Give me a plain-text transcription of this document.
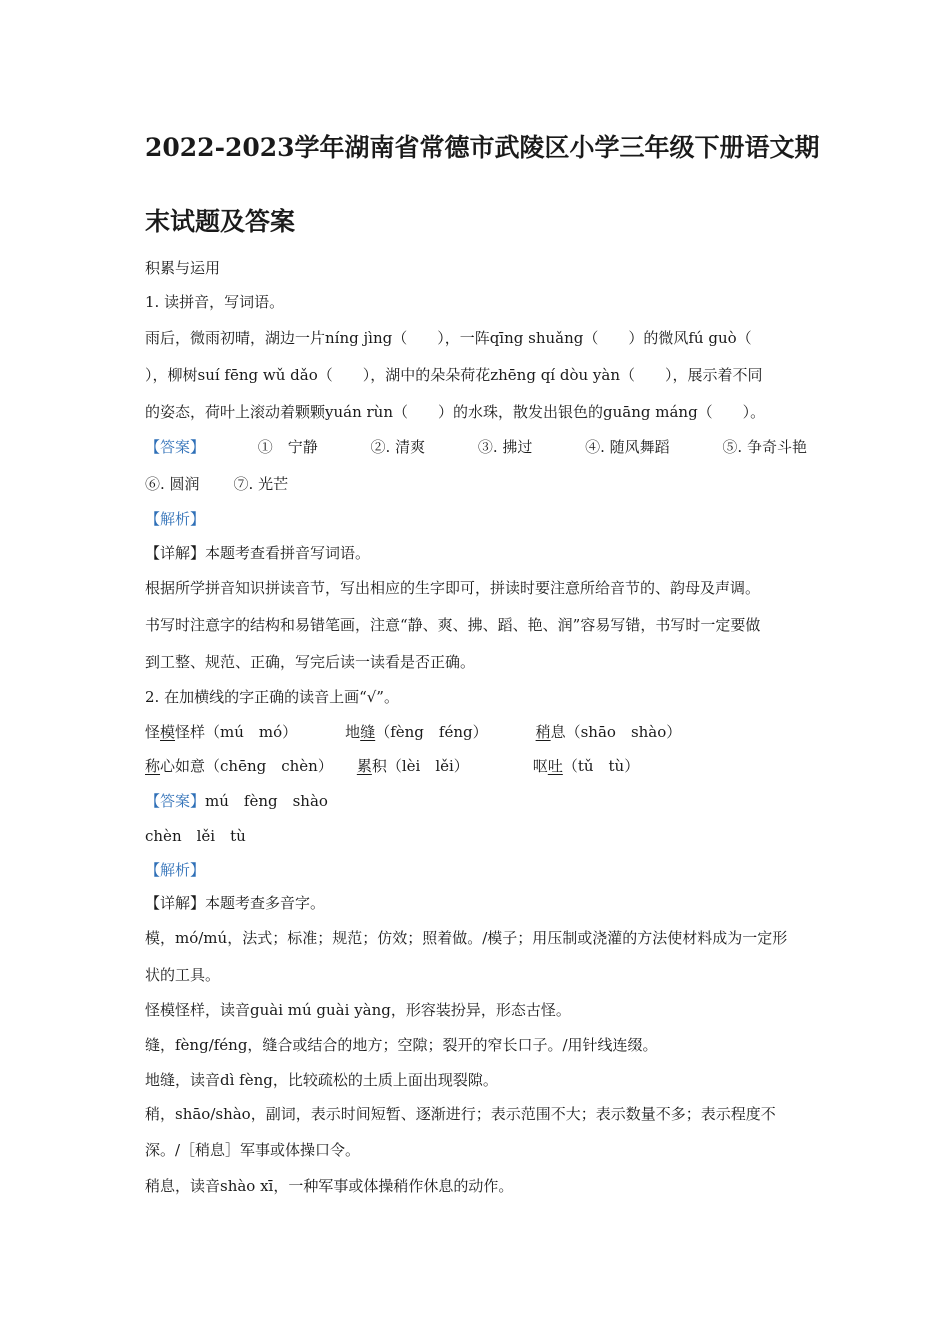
2022-2023学年湖南省常德市武陵区小学三年级下册语文期
末试题及答案
积累与运用
1. 读拼音，写词语。
雨后，微雨初晴，湖边一片níng jìng（　　），一阵qīng shuǎng（　　）的微风fú guò（
），柳树suí fēng wǔ dǎo（　　），湖中的朵朵荷花zhēng qí dòu yàn（　　），展示着不同
的姿态，荷叶上滚动着颗颗yuán rùn（　　）的水珠，散发出银色的guāng máng（　　）。
【答案】	①　宁静	②. 清爽	③. 拂过	④. 随风舞蹈	⑤. 争奇斗艳
⑥. 圆润 ⑦. 光芒
【解析】
【详解】本题考查看拼音写词语。
根据所学拼音知识拼读音节，写出相应的生字即可，拼读时要注意所给音节的、韵母及声调。
书写时注意字的结构和易错笔画，注意“静、爽、拂、蹈、艳、润”容易写错，书写时一定要做
到工整、规范、正确，写完后读一读看是否正确。
2. 在加横线的字正确的读音上画“√”。
怪模怪样（mú　mó）	地缝（fèng　féng）	稍息（shāo　shào）
称心如意（chēng　chèn） 累积（lèi　lěi）	呕吐（tǔ　tù）
【答案】mú　fèng　shào
chèn　lěi　tù
【解析】
【详解】本题考查多音字。
模，mó/mú，法式；标准；规范；仿效；照着做。/模子；用压制或浇灌的方法使材料成为一定形
状的工具。
怪模怪样，读音guài mú guài yàng，形容装扮异，形态古怪。
缝，fèng/féng，缝合或结合的地方；空隙；裂开的窄长口子。/用针线连缀。
地缝，读音dì fèng，比较疏松的土质上面出现裂隙。
稍，shāo/shào，副词，表示时间短暂、逐渐进行；表示范围不大；表示数量不多；表示程度不
深。/［稍息］军事或体操口令。
稍息，读音shào xī，一种军事或体操稍作休息的动作。
